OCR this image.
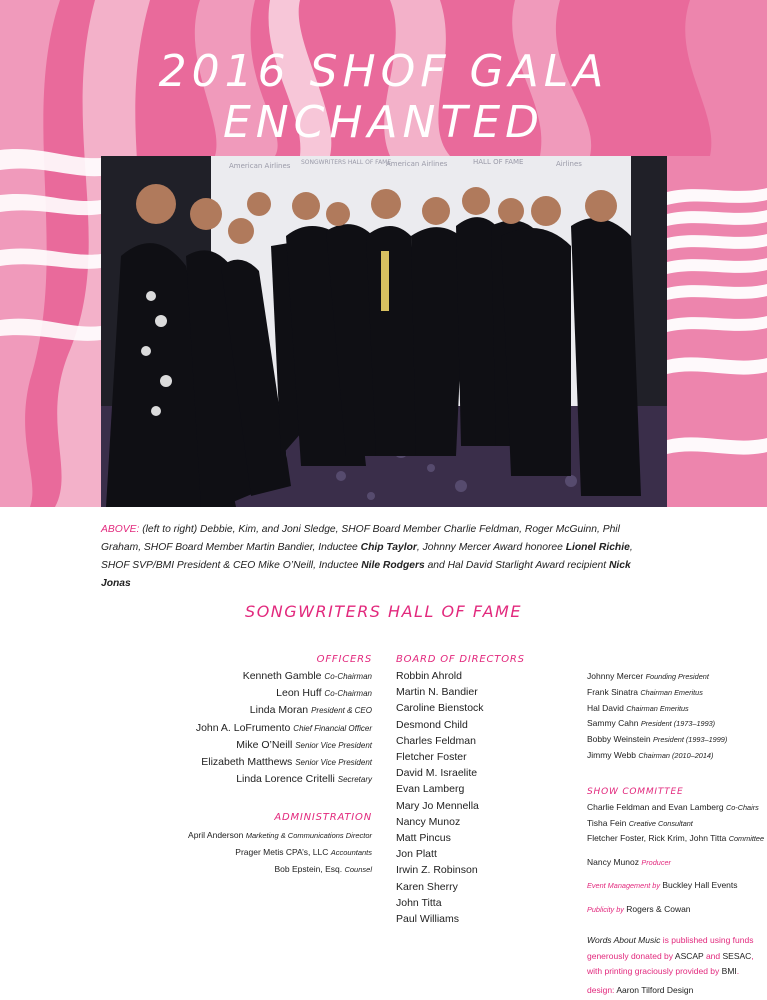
2016 SHOF GALA ENCHANTED
American Airlines SONGWRITERS HALL OF FAME
American Airlines	HALL OF FAME	Airlines
ABOVE: (left to right) Debbie, Kim, and Joni Sledge, SHOF Board Member Charlie Feldman, Roger McGuinn, Phil Graham, SHOF Board Member Martin Bandier, Inductee Chip Taylor, Johnny Mercer Award honoree Lionel Richie, SHOF SVP/BMI President & CEO Mike O’Neill, Inductee Nile Rodgers and Hal David Starlight Award recipient Nick Jonas
SONGWRITERS HALL OF FAME
OFFICERS
Kenneth Gamble Co-Chairman
Leon Huff Co-Chairman
Linda Moran President & CEO
John A. LoFrumento Chief Financial Officer
Mike O’Neill Senior Vice President
Elizabeth Matthews Senior Vice President
Linda Lorence Critelli Secretary
ADMINISTRATION
April Anderson Marketing & Communications Director
Prager Metis CPA’s, LLC Accountants
Bob Epstein, Esq. Counsel
BOARD OF DIRECTORS
Robbin Ahrold
Martin N. Bandier
Caroline Bienstock
Desmond Child
Charles Feldman
Fletcher Foster
David M. Israelite
Evan Lamberg
Mary Jo Mennella
Nancy Munoz
Matt Pincus
Jon Platt
Irwin Z. Robinson
Karen Sherry
John Titta
Paul Williams
Johnny Mercer Founding President
Frank Sinatra Chairman Emeritus
Hal David Chairman Emeritus
Sammy Cahn President (1973–1993)
Bobby Weinstein President (1993–1999)
Jimmy Webb Chairman (2010–2014)
SHOW COMMITTEE
Charlie Feldman and Evan Lamberg Co-Chairs
Tisha Fein Creative Consultant
Fletcher Foster, Rick Krim, John Titta Committee
Nancy Munoz Producer
Event Management by Buckley Hall Events
Publicity by Rogers & Cowan
Words About Music is published using funds generously donated by ASCAP and SESAC, with printing graciously provided by BMI.
design: Aaron Tilford Design
